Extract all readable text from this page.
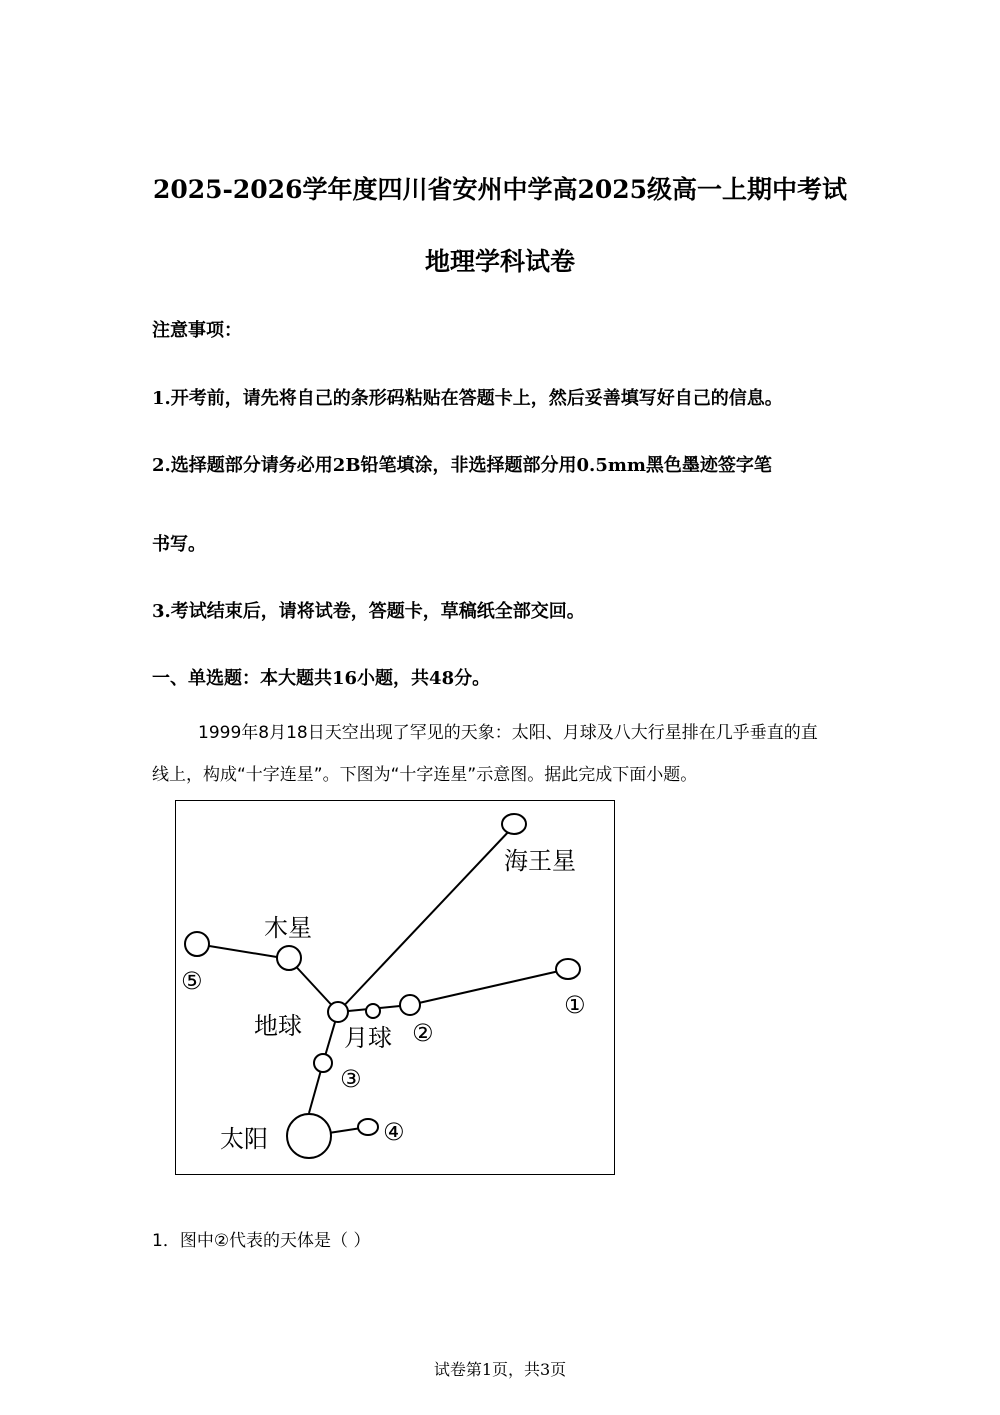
2025-2026学年度四川省安州中学高2025级高一上期中考试
地理学科试卷
注意事项：
1.开考前，请先将自己的条形码粘贴在答题卡上，然后妥善填写好自己的信息。
2.选择题部分请务必用2B铅笔填涂，非选择题部分用0.5mm黑色墨迹签字笔
书写。
3.考试结束后，请将试卷，答题卡，草稿纸全部交回。
一、单选题：本大题共16小题，共48分。
1999年8月18日天空出现了罕见的天象：太阳、月球及八大行星排在几乎垂直的直
线上，构成“十字连星”。下图为“十字连星”示意图。据此完成下面小题。
海王星
木星
地球 月球
太阳
⑤
①
②
③
④
1．图中②代表的天体是（ ）
试卷第1页，共3页
